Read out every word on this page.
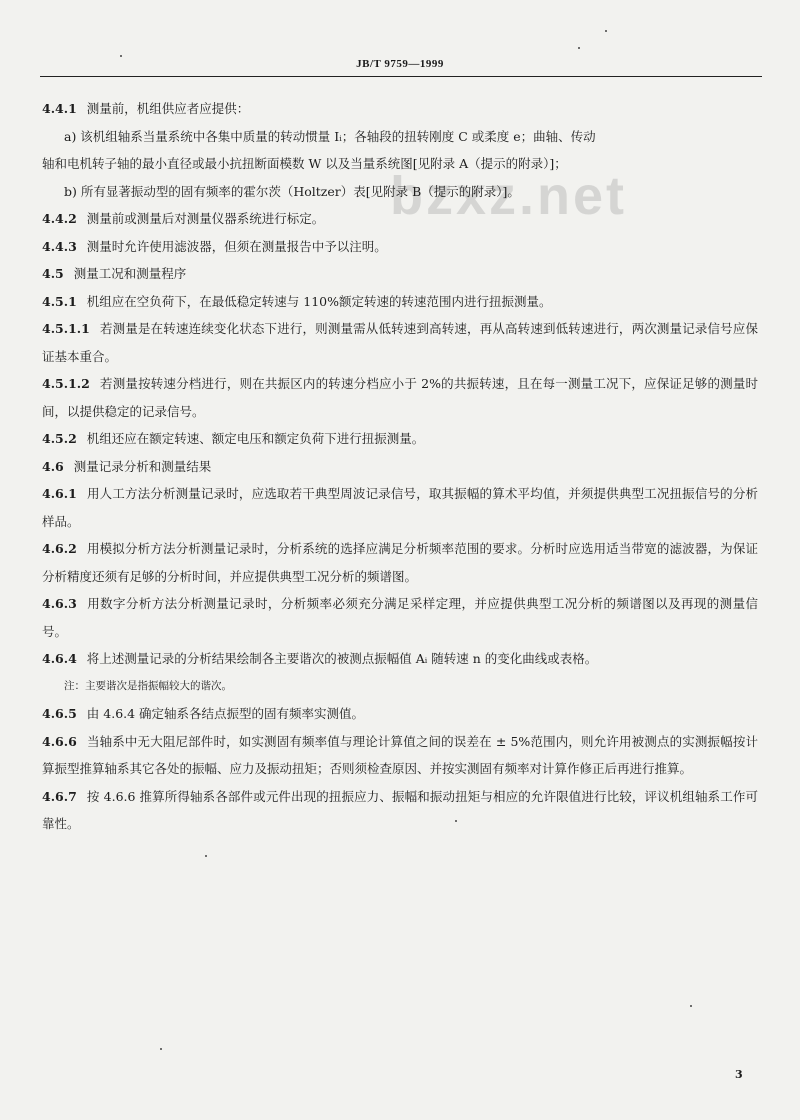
JB/T 9759—1999
bzxz.net

4.4.1 测量前，机组供应者应提供：

a) 该机组轴系当量系统中各集中质量的转动惯量 Iᵢ；各轴段的扭转刚度 C 或柔度 e；曲轴、传动

轴和电机转子轴的最小直径或最小抗扭断面模数 W 以及当量系统图[见附录 A（提示的附录）]；

b) 所有显著振动型的固有频率的霍尔茨（Holtzer）表[见附录 B（提示的附录）]。

4.4.2 测量前或测量后对测量仪器系统进行标定。

4.4.3 测量时允许使用滤波器，但须在测量报告中予以注明。

4.5 测量工况和测量程序

4.5.1 机组应在空负荷下，在最低稳定转速与 110%额定转速的转速范围内进行扭振测量。

4.5.1.1 若测量是在转速连续变化状态下进行，则测量需从低转速到高转速，再从高转速到低转速进行，两次测量记录信号应保证基本重合。

4.5.1.2 若测量按转速分档进行，则在共振区内的转速分档应小于 2%的共振转速，且在每一测量工况下，应保证足够的测量时间，以提供稳定的记录信号。

4.5.2 机组还应在额定转速、额定电压和额定负荷下进行扭振测量。

4.6 测量记录分析和测量结果

4.6.1 用人工方法分析测量记录时，应选取若干典型周波记录信号，取其振幅的算术平均值，并须提供典型工况扭振信号的分析样品。

4.6.2 用模拟分析方法分析测量记录时，分析系统的选择应满足分析频率范围的要求。分析时应选用适当带宽的滤波器，为保证分析精度还须有足够的分析时间，并应提供典型工况分析的频谱图。

4.6.3 用数字分析方法分析测量记录时，分析频率必须充分满足采样定理，并应提供典型工况分析的频谱图以及再现的测量信号。

4.6.4 将上述测量记录的分析结果绘制各主要谐次的被测点振幅值 Aᵢ 随转速 n 的变化曲线或表格。

注：主要谐次是指振幅较大的谐次。

4.6.5 由 4.6.4 确定轴系各结点振型的固有频率实测值。

4.6.6 当轴系中无大阻尼部件时，如实测固有频率值与理论计算值之间的误差在 ± 5%范围内，则允许用被测点的实测振幅按计算振型推算轴系其它各处的振幅、应力及振动扭矩；否则须检查原因、并按实测固有频率对计算作修正后再进行推算。

4.6.7 按 4.6.6 推算所得轴系各部件或元件出现的扭振应力、振幅和振动扭矩与相应的允许限值进行比较，评议机组轴系工作可靠性。

3
